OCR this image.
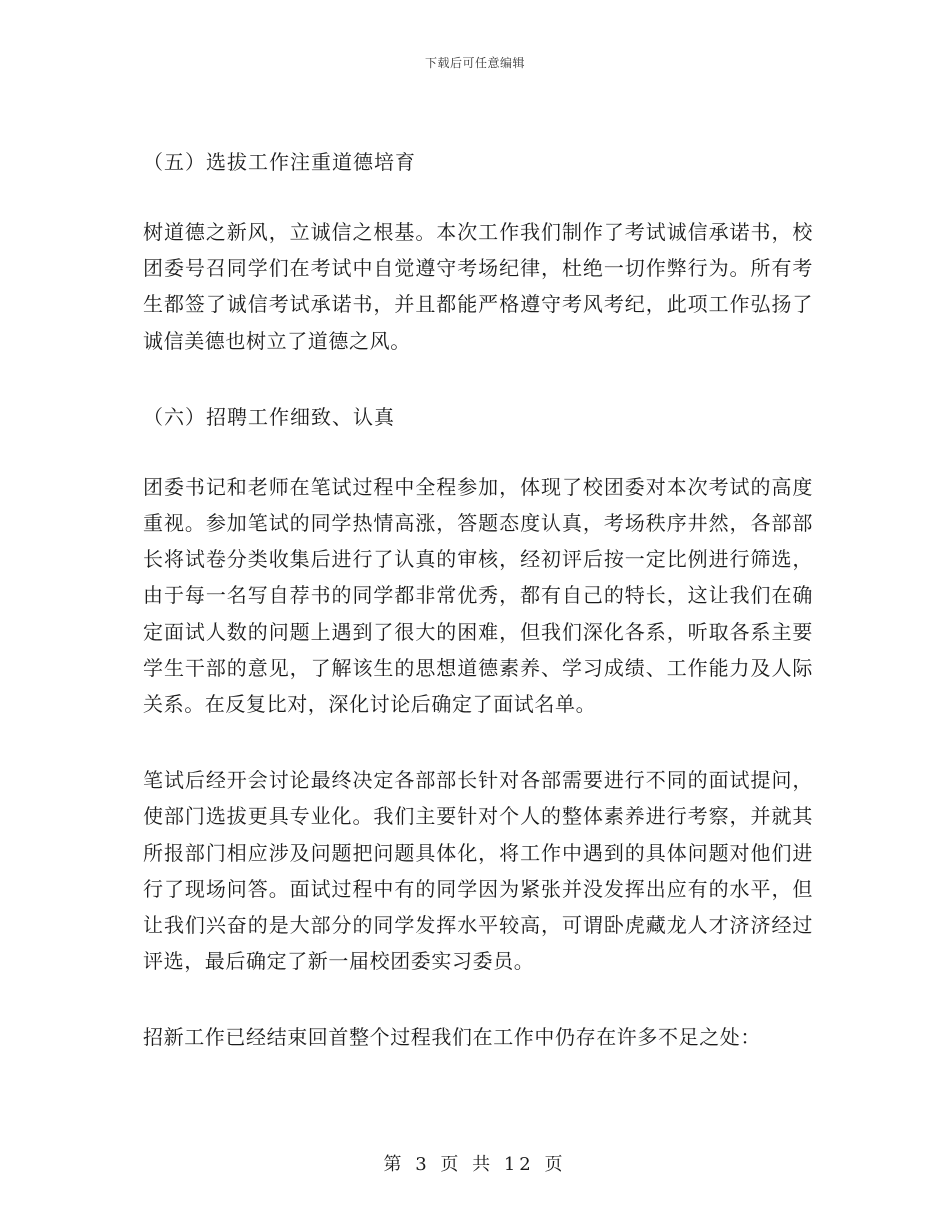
下载后可任意编辑

（五）选拔工作注重道德培育

树道德之新风，立诚信之根基。本次工作我们制作了考试诚信承诺书，校团委号召同学们在考试中自觉遵守考场纪律，杜绝一切作弊行为。所有考生都签了诚信考试承诺书，并且都能严格遵守考风考纪，此项工作弘扬了诚信美德也树立了道德之风。

（六）招聘工作细致、认真

团委书记和老师在笔试过程中全程参加，体现了校团委对本次考试的高度重视。参加笔试的同学热情高涨，答题态度认真，考场秩序井然，各部部长将试卷分类收集后进行了认真的审核，经初评后按一定比例进行筛选，由于每一名写自荐书的同学都非常优秀，都有自己的特长，这让我们在确定面试人数的问题上遇到了很大的困难，但我们深化各系，听取各系主要学生干部的意见，了解该生的思想道德素养、学习成绩、工作能力及人际关系。在反复比对，深化讨论后确定了面试名单。

笔试后经开会讨论最终决定各部部长针对各部需要进行不同的面试提问，使部门选拔更具专业化。我们主要针对个人的整体素养进行考察，并就其所报部门相应涉及问题把问题具体化，将工作中遇到的具体问题对他们进行了现场问答。面试过程中有的同学因为紧张并没发挥出应有的水平，但让我们兴奋的是大部分的同学发挥水平较高，可谓卧虎藏龙人才济济经过评选，最后确定了新一届校团委实习委员。

招新工作已经结束回首整个过程我们在工作中仍存在许多不足之处：

第 3 页 共 12 页
